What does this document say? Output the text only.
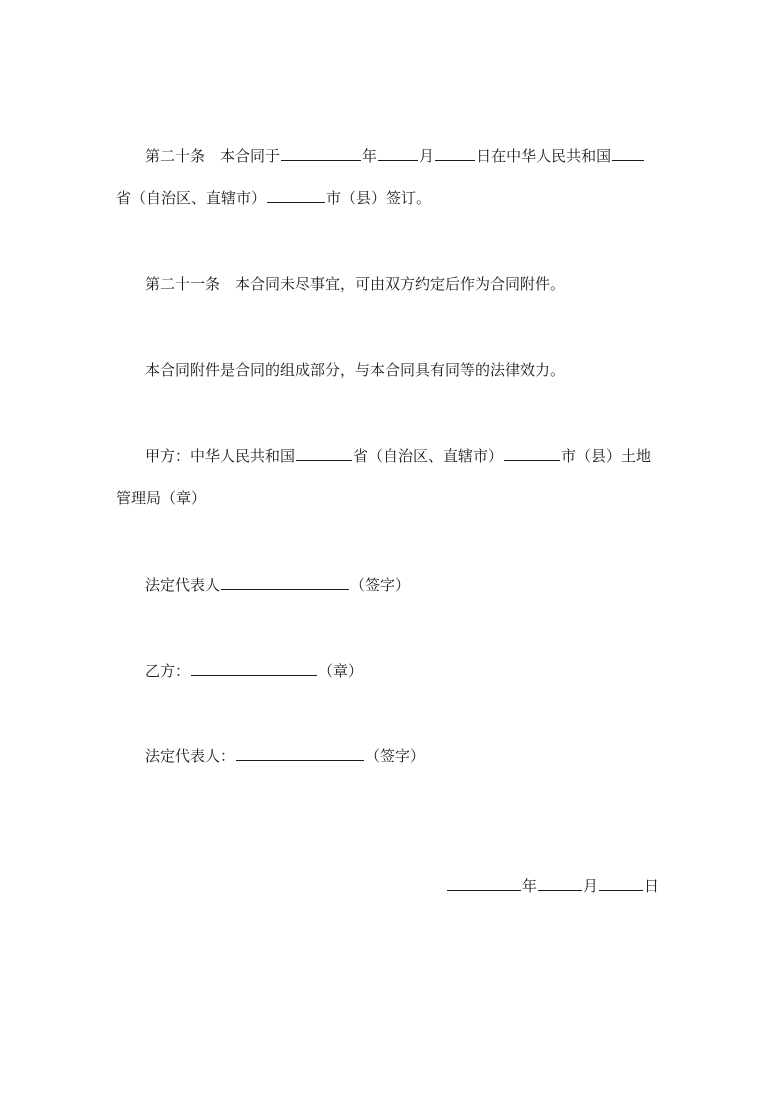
第二十条 本合同于	年	月	日在中华人民共和国
省（自治区、直辖市）	市（县）签订。
第二十一条 本合同未尽事宜，可由双方约定后作为合同附件。
本合同附件是合同的组成部分，与本合同具有同等的法律效力。
甲方：中华人民共和国	省（自治区、直辖市）	市（县）土地
管理局（章）
法定代表人	（签字）
乙方：	（章）
法定代表人：	（签字）
年	月	日
